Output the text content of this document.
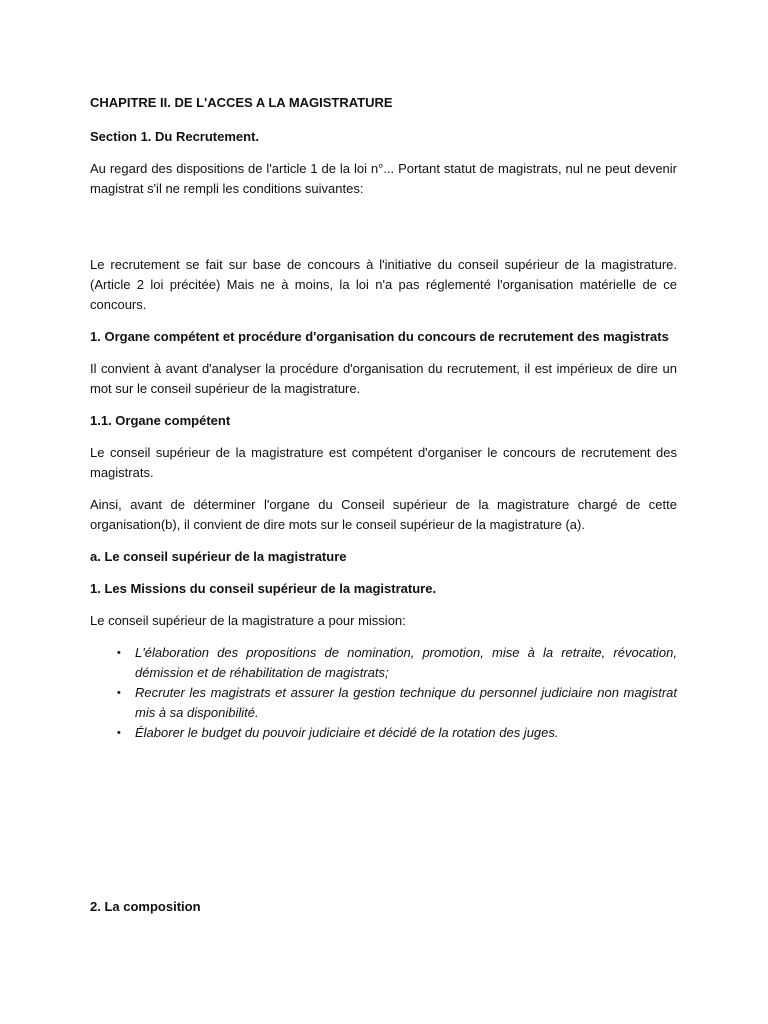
CHAPITRE II. DE L'ACCES A LA MAGISTRATURE

Section 1. Du Recrutement.

Au regard des dispositions de l'article 1 de la loi n°... Portant statut de magistrats, nul ne peut devenir magistrat s'il ne rempli les conditions suivantes:

Le recrutement se fait sur base de concours à l'initiative du conseil supérieur de la magistrature. (Article 2 loi précitée) Mais ne à moins, la loi n'a pas réglementé l'organisation matérielle de ce concours.

1. Organe compétent et procédure d'organisation du concours de recrutement des magistrats

Il convient à avant d'analyser la procédure d'organisation du recrutement, il est impérieux de dire un mot sur le conseil supérieur de la magistrature.

1.1. Organe compétent

Le conseil supérieur de la magistrature est compétent d'organiser le concours de recrutement des magistrats.

Ainsi, avant de déterminer l'organe du Conseil supérieur de la magistrature chargé de cette organisation(b), il convient de dire mots sur le conseil supérieur de la magistrature (a).

a. Le conseil supérieur de la magistrature

1. Les Missions du conseil supérieur de la magistrature.

Le conseil supérieur de la magistrature a pour mission:

• L'élaboration des propositions de nomination, promotion, mise à la retraite, révocation, démission et de réhabilitation de magistrats;
• Recruter les magistrats et assurer la gestion technique du personnel judiciaire non magistrat mis à sa disponibilité.
• Élaborer le budget du pouvoir judiciaire et décidé de la rotation des juges.

2. La composition
